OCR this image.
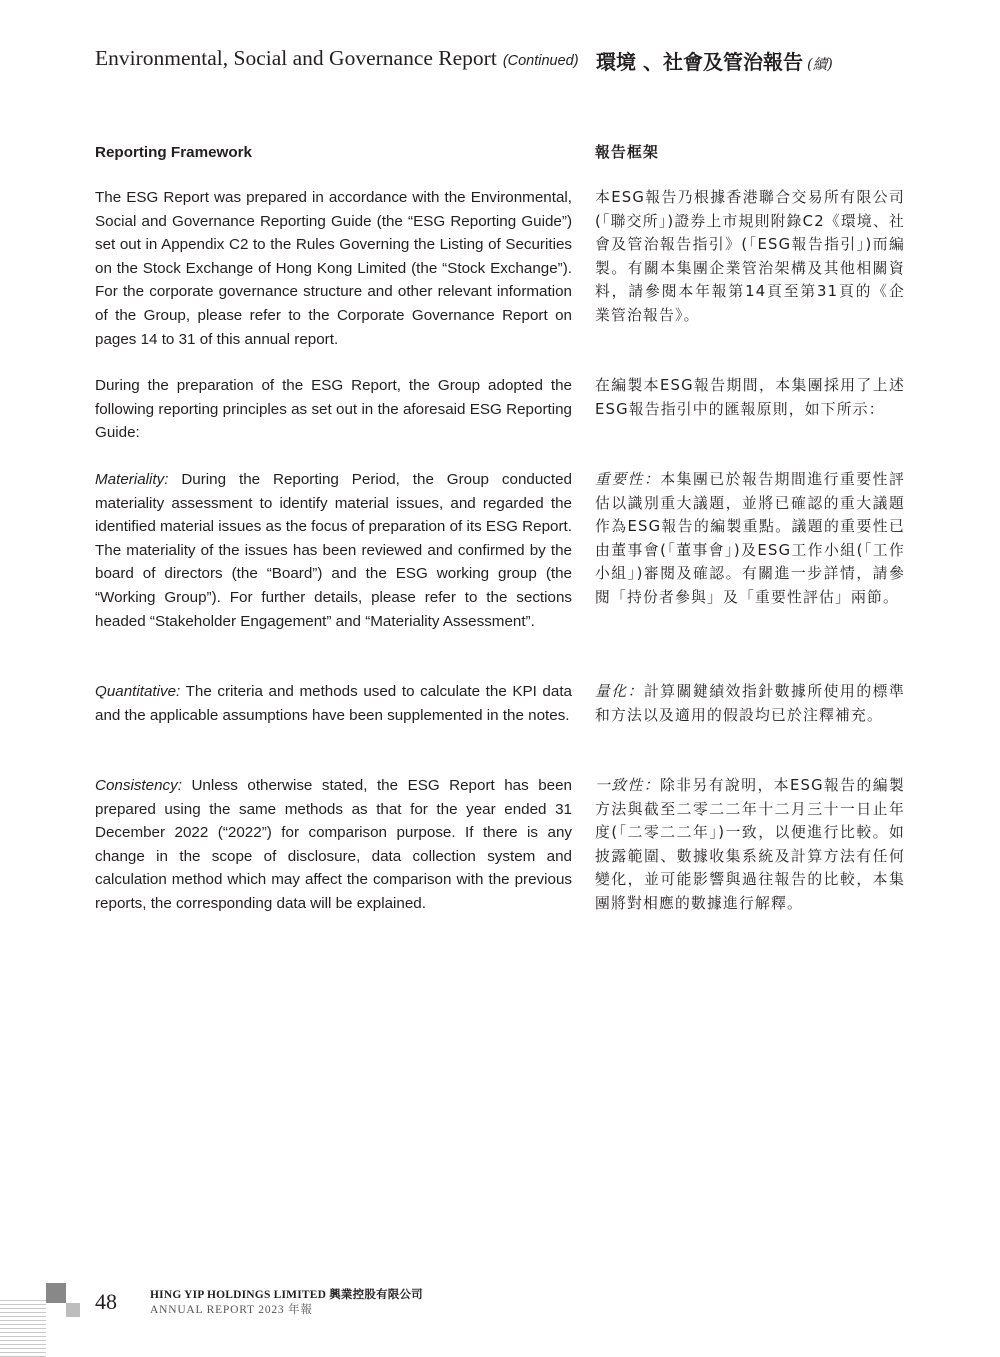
Environmental, Social and Governance Report (Continued) 環境 、社會及管治報告 (續)
Reporting Framework
The ESG Report was prepared in accordance with the Environmental, Social and Governance Reporting Guide (the “ESG Reporting Guide”) set out in Appendix C2 to the Rules Governing the Listing of Securities on the Stock Exchange of Hong Kong Limited (the “Stock Exchange”). For the corporate governance structure and other relevant information of the Group, please refer to the Corporate Governance Report on pages 14 to 31 of this annual report.
During the preparation of the ESG Report, the Group adopted the following reporting principles as set out in the aforesaid ESG Reporting Guide:
Materiality: During the Reporting Period, the Group conducted materiality assessment to identify material issues, and regarded the identified material issues as the focus of preparation of its ESG Report. The materiality of the issues has been reviewed and confirmed by the board of directors (the “Board”) and the ESG working group (the “Working Group”). For further details, please refer to the sections headed “Stakeholder Engagement” and “Materiality Assessment”.
Quantitative: The criteria and methods used to calculate the KPI data and the applicable assumptions have been supplemented in the notes.
Consistency: Unless otherwise stated, the ESG Report has been prepared using the same methods as that for the year ended 31 December 2022 (“2022”) for comparison purpose. If there is any change in the scope of disclosure, data collection system and calculation method which may affect the comparison with the previous reports, the corresponding data will be explained.
報告框架
本ESG報告乃根據香港聯合交易所有限公司(「聯交所」)證券上市規則附錄C2《環境、社會及管治報告指引》(「ESG報告指引」)而編製。有關本集團企業管治架構及其他相關資料，請參閱本年報第14頁至第31頁的《企業管治報告》。
在編製本ESG報告期間，本集團採用了上述ESG報告指引中的匯報原則，如下所示：
重要性：本集團已於報告期間進行重要性評估以識別重大議題，並將已確認的重大議題作為ESG報告的編製重點。議題的重要性已由董事會(「董事會」)及ESG工作小組(「工作小組」)審閱及確認。有關進一步詳情，請參閱「持份者參與」及「重要性評估」兩節。
量化：計算關鍵績效指針數據所使用的標準和方法以及適用的假設均已於注釋補充。
一致性：除非另有說明，本ESG報告的編製方法與截至二零二二年十二月三十一日止年度(「二零二二年」)一致，以便進行比較。如披露範圍、數據收集系統及計算方法有任何變化，並可能影響與過往報告的比較，本集團將對相應的數據進行解釋。
48	HING YIP HOLDINGS LIMITED 興業控股有限公司
ANNUAL REPORT 2023 年報
